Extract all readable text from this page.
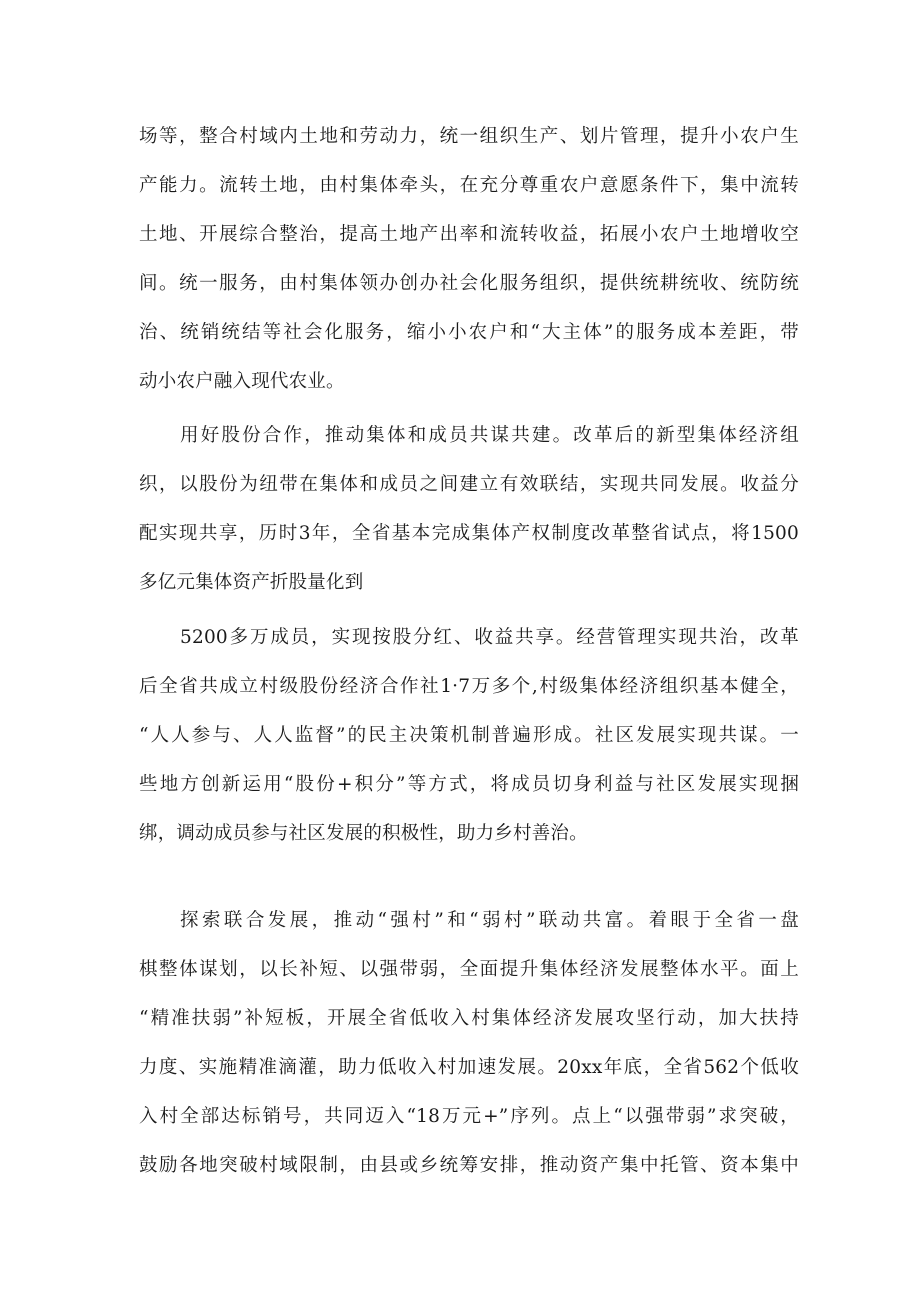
场等，整合村域内土地和劳动力，统一组织生产、划片管理，提升小农户生
产能力。流转土地，由村集体牵头，在充分尊重农户意愿条件下，集中流转
土地、开展综合整治，提高土地产出率和流转收益，拓展小农户土地增收空
间。统一服务，由村集体领办创办社会化服务组织，提供统耕统收、统防统
治、统销统结等社会化服务，缩小小农户和“大主体”的服务成本差距，带
动小农户融入现代农业。
用好股份合作，推动集体和成员共谋共建。改革后的新型集体经济组
织，以股份为纽带在集体和成员之间建立有效联结，实现共同发展。收益分
配实现共享，历时3年，全省基本完成集体产权制度改革整省试点，将1500
多亿元集体资产折股量化到
5200多万成员，实现按股分红、收益共享。经营管理实现共治，改革
后全省共成立村级股份经济合作社1·7万多个,村级集体经济组织基本健全，
“人人参与、人人监督”的民主决策机制普遍形成。社区发展实现共谋。一
些地方创新运用“股份+积分”等方式，将成员切身利益与社区发展实现捆
绑，调动成员参与社区发展的积极性，助力乡村善治。
探索联合发展，推动“强村”和“弱村”联动共富。着眼于全省一盘
棋整体谋划，以长补短、以强带弱，全面提升集体经济发展整体水平。面上
“精准扶弱”补短板，开展全省低收入村集体经济发展攻坚行动，加大扶持
力度、实施精准滴灌，助力低收入村加速发展。20xx年底，全省562个低收
入村全部达标销号，共同迈入“18万元+”序列。点上“以强带弱”求突破，
鼓励各地突破村域限制，由县或乡统筹安排，推动资产集中托管、资本集中
